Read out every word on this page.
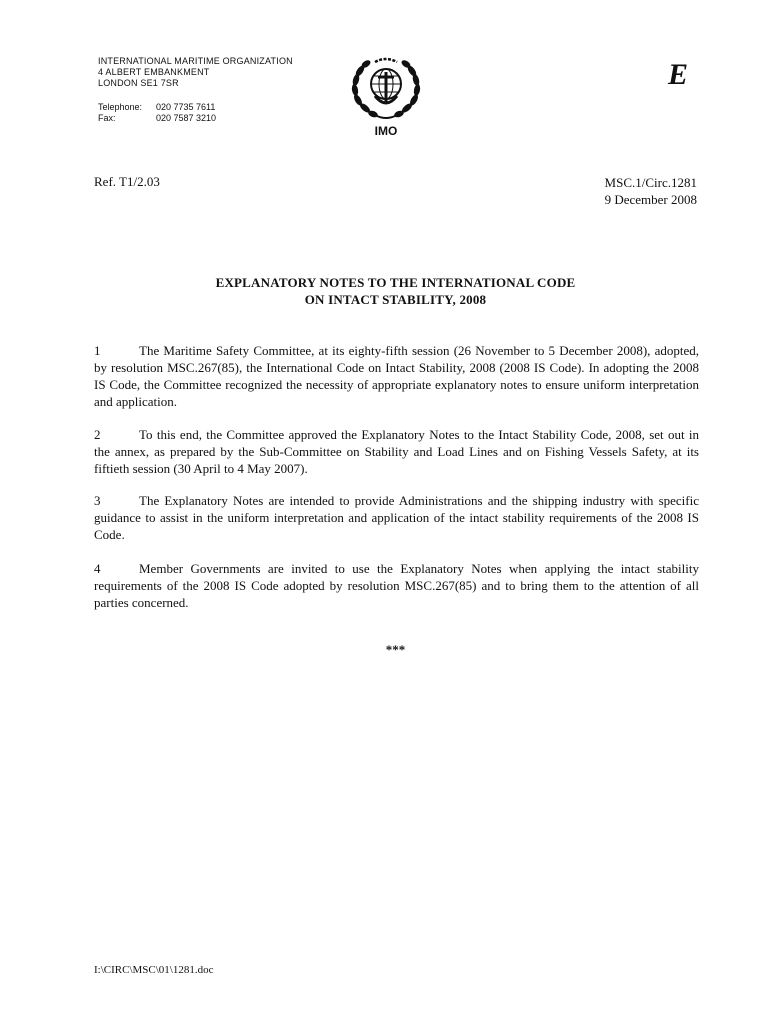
INTERNATIONAL MARITIME ORGANIZATION
4 ALBERT EMBANKMENT
LONDON SE1 7SR
Telephone:	020 7735 7611
Fax:	020 7587 3210
IMO
E
Ref. T1/2.03	MSC.1/Circ.1281
9 December 2008
EXPLANATORY NOTES TO THE INTERNATIONAL CODE
ON INTACT STABILITY, 2008
1	The Maritime Safety Committee, at its eighty-fifth session (26 November to 5 December 2008), adopted, by resolution MSC.267(85), the International Code on Intact Stability, 2008 (2008 IS Code). In adopting the 2008 IS Code, the Committee recognized the necessity of appropriate explanatory notes to ensure uniform interpretation and application.
2	To this end, the Committee approved the Explanatory Notes to the Intact Stability Code, 2008, set out in the annex, as prepared by the Sub-Committee on Stability and Load Lines and on Fishing Vessels Safety, at its fiftieth session (30 April to 4 May 2007).
3	The Explanatory Notes are intended to provide Administrations and the shipping industry with specific guidance to assist in the uniform interpretation and application of the intact stability requirements of the 2008 IS Code.
4	Member Governments are invited to use the Explanatory Notes when applying the intact stability requirements of the 2008 IS Code adopted by resolution MSC.267(85) and to bring them to the attention of all parties concerned.
***
I:\CIRC\MSC\01\1281.doc
